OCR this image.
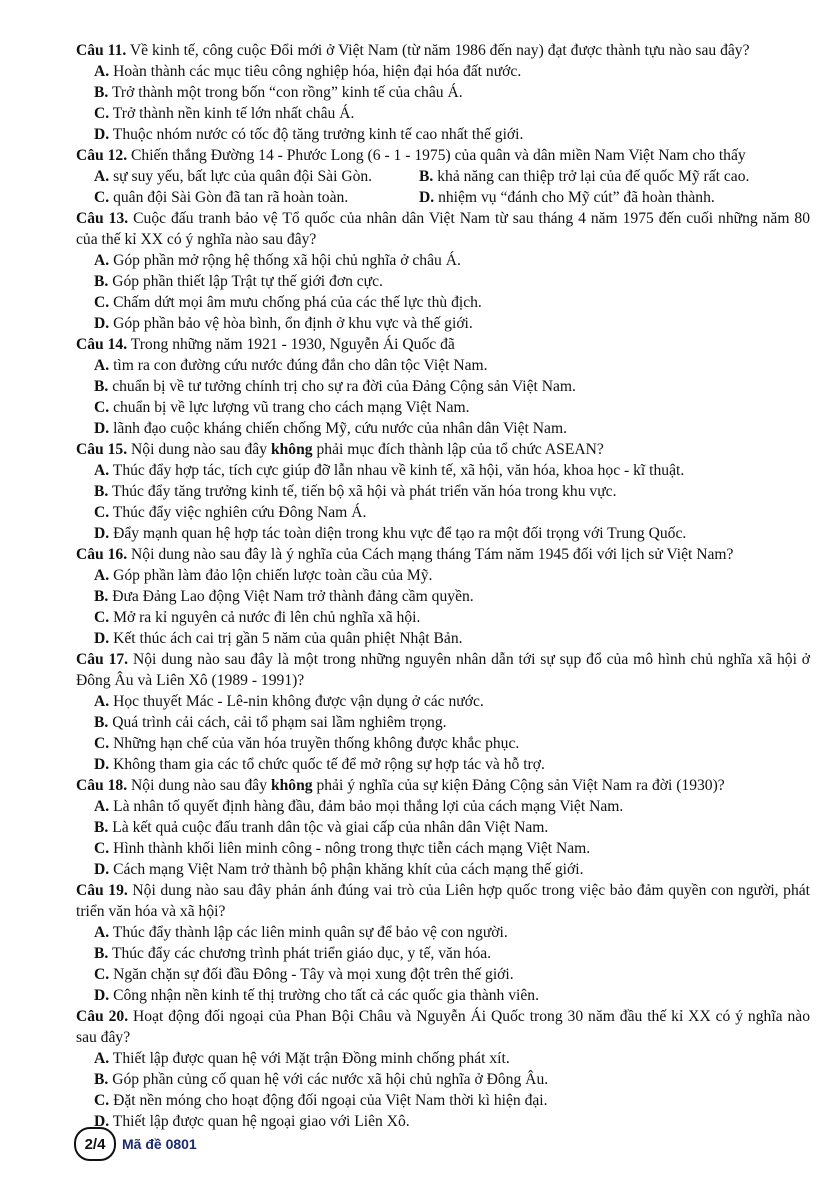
Câu 11. Về kinh tế, công cuộc Đổi mới ở Việt Nam (từ năm 1986 đến nay) đạt được thành tựu nào sau đây?
A. Hoàn thành các mục tiêu công nghiệp hóa, hiện đại hóa đất nước.
B. Trở thành một trong bốn “con rồng” kinh tế của châu Á.
C. Trở thành nền kinh tế lớn nhất châu Á.
D. Thuộc nhóm nước có tốc độ tăng trưởng kinh tế cao nhất thế giới.
Câu 12. Chiến thắng Đường 14 - Phước Long (6 - 1 - 1975) của quân và dân miền Nam Việt Nam cho thấy
A. sự suy yếu, bất lực của quân đội Sài Gòn.	B. khả năng can thiệp trở lại của đế quốc Mỹ rất cao.
C. quân đội Sài Gòn đã tan rã hoàn toàn.	D. nhiệm vụ “đánh cho Mỹ cút” đã hoàn thành.
Câu 13. Cuộc đấu tranh bảo vệ Tổ quốc của nhân dân Việt Nam từ sau tháng 4 năm 1975 đến cuối những năm 80 của thế kỉ XX có ý nghĩa nào sau đây?
A. Góp phần mở rộng hệ thống xã hội chủ nghĩa ở châu Á.
B. Góp phần thiết lập Trật tự thế giới đơn cực.
C. Chấm dứt mọi âm mưu chống phá của các thế lực thù địch.
D. Góp phần bảo vệ hòa bình, ổn định ở khu vực và thế giới.
Câu 14. Trong những năm 1921 - 1930, Nguyễn Ái Quốc đã
A. tìm ra con đường cứu nước đúng đắn cho dân tộc Việt Nam.
B. chuẩn bị về tư tưởng chính trị cho sự ra đời của Đảng Cộng sản Việt Nam.
C. chuẩn bị về lực lượng vũ trang cho cách mạng Việt Nam.
D. lãnh đạo cuộc kháng chiến chống Mỹ, cứu nước của nhân dân Việt Nam.
Câu 15. Nội dung nào sau đây không phải mục đích thành lập của tổ chức ASEAN?
A. Thúc đẩy hợp tác, tích cực giúp đỡ lẫn nhau về kinh tế, xã hội, văn hóa, khoa học - kĩ thuật.
B. Thúc đẩy tăng trưởng kinh tế, tiến bộ xã hội và phát triển văn hóa trong khu vực.
C. Thúc đẩy việc nghiên cứu Đông Nam Á.
D. Đẩy mạnh quan hệ hợp tác toàn diện trong khu vực để tạo ra một đối trọng với Trung Quốc.
Câu 16. Nội dung nào sau đây là ý nghĩa của Cách mạng tháng Tám năm 1945 đối với lịch sử Việt Nam?
A. Góp phần làm đảo lộn chiến lược toàn cầu của Mỹ.
B. Đưa Đảng Lao động Việt Nam trở thành đảng cầm quyền.
C. Mở ra kỉ nguyên cả nước đi lên chủ nghĩa xã hội.
D. Kết thúc ách cai trị gần 5 năm của quân phiệt Nhật Bản.
Câu 17. Nội dung nào sau đây là một trong những nguyên nhân dẫn tới sự sụp đổ của mô hình chủ nghĩa xã hội ở Đông Âu và Liên Xô (1989 - 1991)?
A. Học thuyết Mác - Lê-nin không được vận dụng ở các nước.
B. Quá trình cải cách, cải tổ phạm sai lầm nghiêm trọng.
C. Những hạn chế của văn hóa truyền thống không được khắc phục.
D. Không tham gia các tổ chức quốc tế để mở rộng sự hợp tác và hỗ trợ.
Câu 18. Nội dung nào sau đây không phải ý nghĩa của sự kiện Đảng Cộng sản Việt Nam ra đời (1930)?
A. Là nhân tố quyết định hàng đầu, đảm bảo mọi thắng lợi của cách mạng Việt Nam.
B. Là kết quả cuộc đấu tranh dân tộc và giai cấp của nhân dân Việt Nam.
C. Hình thành khối liên minh công - nông trong thực tiễn cách mạng Việt Nam.
D. Cách mạng Việt Nam trở thành bộ phận khăng khít của cách mạng thế giới.
Câu 19. Nội dung nào sau đây phản ánh đúng vai trò của Liên hợp quốc trong việc bảo đảm quyền con người, phát triển văn hóa và xã hội?
A. Thúc đẩy thành lập các liên minh quân sự để bảo vệ con người.
B. Thúc đẩy các chương trình phát triển giáo dục, y tế, văn hóa.
C. Ngăn chặn sự đối đầu Đông - Tây và mọi xung đột trên thế giới.
D. Công nhận nền kinh tế thị trường cho tất cả các quốc gia thành viên.
Câu 20. Hoạt động đối ngoại của Phan Bội Châu và Nguyễn Ái Quốc trong 30 năm đầu thế kỉ XX có ý nghĩa nào sau đây?
A. Thiết lập được quan hệ với Mặt trận Đồng minh chống phát xít.
B. Góp phần củng cố quan hệ với các nước xã hội chủ nghĩa ở Đông Âu.
C. Đặt nền móng cho hoạt động đối ngoại của Việt Nam thời kì hiện đại.
D. Thiết lập được quan hệ ngoại giao với Liên Xô.
2/4	Mã đề 0801
